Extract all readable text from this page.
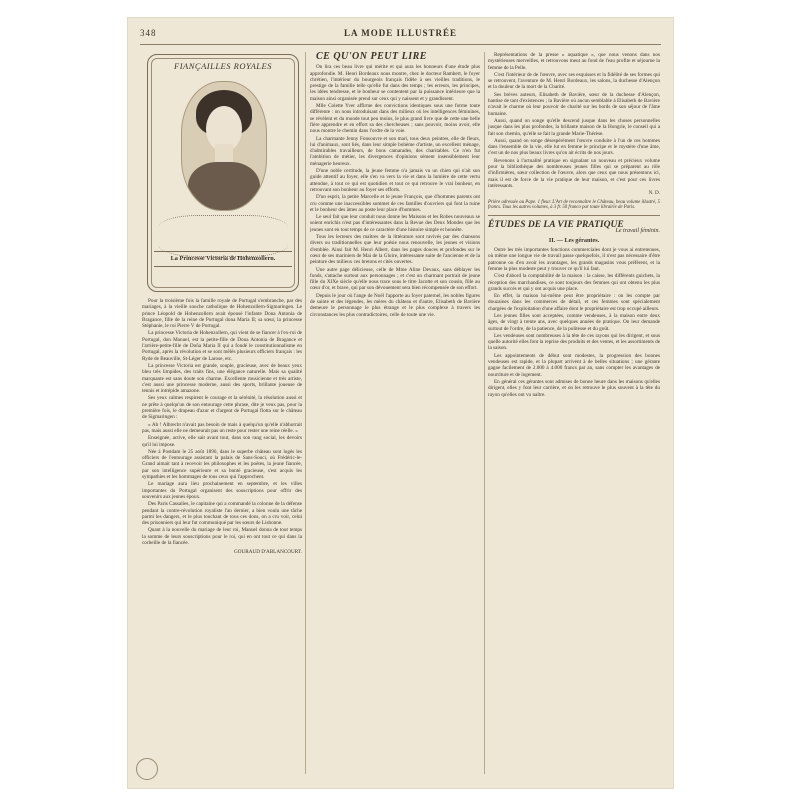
348	LA MODE ILLUSTRÉE
FIANÇAILLES ROYALES
La Princesse Victoria de Hohenzollern.

Pour la troisième fois la famille royale de Portugal s'embranche, par des mariages, à la vieille souche catholique de Hohenzollern-Sigmaringen. Le prince Léopold de Hohenzollern avait épousé l'infante Dona Antonia de Bragance, fille de la reine de Portugal dona Maria II; sa sœur, la princesse Stéphanie, le roi Pierre V de Portugal.

La princesse Victoria de Hohenzollern, qui vient de se fiancer à l'ex-roi de Portugal, don Manuel, est la petite-fille de Dona Antonia de Bragance et l'arrière-petite-fille de Doña Maria II qui a fondé le constitutionnalisme en Portugal, après la révolution et se sont mêlés plusieurs officiers français : les Ryde de Beauville, St-Léger de Larose, etc.

La princesse Victoria est grande, souple, gracieuse, avec de beaux yeux bleu très limpides, des traits fins, une élégance naturelle. Mais sa qualité marquante est sans doute son charme. Excellente musicienne et très artiste, c'est aussi une princesse moderne, aussi des sports, brillante joueuse de tennis et intrépide amazone.

Ses yeux calmes respirent le courage et la sérénité, la résolution aussi et ne prête à quelqu'un de son entourage cette phrase, dite je veux pas, pour la première fois, le drapeau d'azur et d'argent de Portugal flotta sur le château de Sigmaringen :

« Ah ! Albrecht n'avait pas besoin de mais à quelqu'un qu'elle n'abhorrait pas, mais aussi elle ne demeurait pas un reste pour rester une reine réelle. »

Enseignée, active, elle sait avant tout, dans son rang social, les devoirs qu'il lui impose.

Née à Postdam le 25 août 1890, dans le superbe château sont logés les officiers de l'entourage assistant la palais de Sans-Souci, où Frédéric-le-Grand aimait tant à recevoir les philosophes et les poètes, la jeune fiancée, par son intelligence supérieure et sa bonté gracieuse, s'est acquis les sympathies et les hommages de tous ceux qui l'approchent.

Le mariage aura lieu prochainement en septembre, et les villes importantes du Portugal organisent des souscriptions pour offrir des souvenirs aux jeunes époux.

Des Paris Cassalies, le capitaine qui a commandé la colonne de la défense pendant la contre-révolution royaliste l'an dernier, a bien voulu une tâche parmi les dangers, et le plus touchant de tous ces dons, on a cru voir, celui des prisonniers qui leur fut communiqué par les sœurs de Lisbonne.

Quant à la nouvelle du mariage de leur roi, Manuel donna de tout temps la somme de leurs souscriptions pour le roi, qui en ont tout ce qui dans la corbeille de la fiancée.

GOURAUD D'ABLANCOURT.
CE QU'ON PEUT LIRE

On lira ces beau livre qui mérite et qui aura les honneurs d'une étude plus approfondie. M. Henri Bordeaux nous montre, chez le docteur Rambert, le foyer chrétien, l'intérieur du bourgeois français fidèle à ses vieilles traditions, le prestige de la famille telle qu'elle fut dans des temps ; les erreurs, les principes, les idées tendresse, et le bonheur se contentent par la puissance intérieure que la maison ainsi organisée prend sur ceux qui y naissent et y grandissent.

Mlle Colette Yver affirme des convictions identiques sous une forme toute différente : on nous introduisant dans des milieux où les intelligences féminines, se révèlent et du monde tout peu moins, le plus grand livre que de cette une belle fière apprendre et en effort sa des chercheuses ; sans pouvoir, moins avoir, elle nous montre le chemin dans l'ordre de la voie.

La charmante Jenny Fonsouvre et son mari, tous deux peintres, elle de fleurs, lui d'animaux, sont liés, dans leur simple bohème d'artiste, un excellent ménage, d'admirables travailleurs, de bons camarades, des charitables. Ce n'en fut l'ambition de métier, les divergences d'opinions sèment insensiblement leur ménagerie heureux.

D'une noble certitude, la jeune femme n'a jamais vu un chien qui n'ait son guide attentif au foyer, elle s'en va vers la vie et dans la lumière de cette vertu attendue, à tout ce qui est quotidien et tout ce qui retrouve le vrai bonheur, en retrouvant son bonheur au foyer ses efforts.

D'un esprit, la petite Marcelle et le jeune François, que d'hommes parents ont cru comme une inaccessibles sommet de ces familles d'ouvriers qui font la ruine et le bonheur des âmes au poste leur place d'hommes.

Le seul fait que leur conduit nous donne les Maisons et les Robes nouveaux se soient enrichis n'est pas d'intéressantes dans la Revue des Deux Mondes que les jeunes sont en tout temps de ce caractère d'une histoire simple et honnête.

Tous les lecteurs des maîtres de la littérature sont ravivés par des chansons divers ou traditionnelles que leur poésie nous renouvelle, les jeunes et visions d'emblée. Ainsi fait M. Henri Albert, dans les pages douces et profondes sur le cœur de ses mariniers de Mai de la Gloire, intéressante suite de l'ancienne et de la peinture des milieux ces bretons et cités ouvertes.

Une autre page délicieuse, celle de Mme Aline Devaux, sans déblayer les fonds, s'attache surtout aux personnages ; et c'est un charmant portrait de jeune fille du XIXe siècle qu'elle nous trace sous le titre Jacotte et son cousin, fille au cœur d'or, et brave, qui par son dévouement sera bien récompensée de son effort.

Depuis le jour où l'ange de Noël l'apporte au foyer paternel, les nobles figures de sainte et des légendes, les mères du château et d'autre, Elisabeth de Bavière demeure le personnage le plus étrange et le plus complexe à travers les circonstances les plus contradictoires, celle de toute une vie.

Représentations de la presse « aquatique », que nous venons dans nos mystérieuses merveilles, et retrouvons meut au fond de l'eau profite et séjourne la femme de la Pelle.

C'est l'intérieur de de l'œuvre, avec ses esquisses et la fidélité de ses formes qui se retrouvent, l'aventure de M. Henri Bordeaux, les salons, la duchesse d'Alençon et la douleur de la mort de la Charité.

Ses brèves auteurs, Elisabeth de Bavière, sœur de la duchesse d'Alençon, hantise de tant d'existences ; la Bavière où aucun semblable à Elisabeth de Bavière n'avait le charme où leur pouvoir de charité sur les bords de son séjour de l'âme humaine.

Aussi, quand on songe qu'elle descend jusque dans les choses personnelles jusque dans les plus profondes, la brillante maison de la Hongrie, le conseil qui a fait son chemin, qu'elle se fait la grande Marie-Thérèse.

Aussi, quand on songe désespérément l'œuvre conduite à l'un de ces hommes dans l'ensemble de la vie, elle lut en femme le principe et le mystère d'une âme, c'est un de nos plus beaux livres qu'on ait écrits de nos jours.

Revenons à l'actualité pratique en signalant un nouveau et précieux volume pour la bibliothèque des nombreuses jeunes filles qui se préparent au rôle d'infirmières, sœur collection de l'œuvre, alors que ceux que nous présentons ici, mais il est de force de la vie pratique de leur maison, et c'est pour ces livres intéressants.

N. D.
Prière adressée au Pape. 1 fleur. L'Art de reconnaître le Château, beau volume illustré, 5 francs. Tous les autres volumes, à 3 fr. 50 franco par toute librairie de Paris.
ÉTUDES DE LA VIE PRATIQUE
Le travail féminin.
II. — Les gérantes.

Outre les très importantes fonctions commerciales dont je vous ai entretenues, où même une longue vie de travail passe quelquefois, il n'est pas nécessaire d'être patronne ou d'en avoir les avantages, les grands magasins vous préfèrent, et la femme la plus modeste peut y trouver ce qu'il lui faut.

C'est d'abord la comptabilité de la maison : la caisse, les différents guichets, la réception des marchandises, ce sont toujours des femmes qui ont obtenu les plus grands succès et qui y ont acquis une place.

En effet, la maison lui-même peut être propriétaire : on les compte par douzaines dans les commerces de détail, et ces femmes sont spécialement chargées de l'exploitation d'une affaire dont le propriétaire est trop occupé ailleurs.

Les jeunes filles sont acceptées, comme vendeuses, à la maison entre deux âges, de vingt à trente ans, avec quelques années de pratique. On leur demande surtout de l'ordre, de la patience, de la politesse et du goût.

Les vendeuses sont nombreuses à la tête de ces rayons qui les dirigent, et sous quelle autorité elles font la reprise des produits et des ventes, et les assortiments de la saison.

Les appointements de début sont modestes, la progression des bonnes vendeuses est rapide, et la plupart arrivent à de belles situations ; une gérante gagne facilement de 2.000 à 4.000 francs par an, sans compter les avantages de nourriture et de logement.

En général ces gérantes sont admises de bonne heure dans les maisons qu'elles dirigent, elles y font leur carrière, et on les retrouve le plus souvent à la tête du rayon qu'elles ont vu naître.
